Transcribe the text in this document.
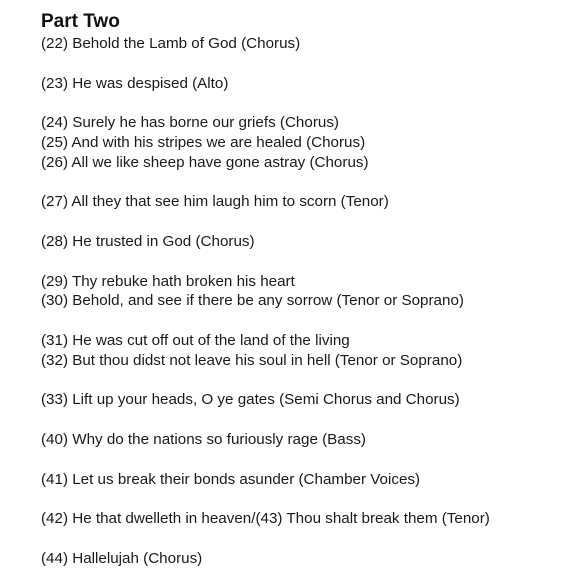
Part Two
(22) Behold the Lamb of God (Chorus)
(23) He was despised (Alto)
(24) Surely he has borne our griefs (Chorus)
(25) And with his stripes we are healed (Chorus)
(26) All we like sheep have gone astray (Chorus)
(27) All they that see him laugh him to scorn (Tenor)
(28) He trusted in God (Chorus)
(29) Thy rebuke hath broken his heart
(30) Behold, and see if there be any sorrow (Tenor or Soprano)
(31) He was cut off out of the land of the living
(32) But thou didst not leave his soul in hell (Tenor or Soprano)
(33) Lift up your heads, O ye gates (Semi Chorus and Chorus)
(40) Why do the nations so furiously rage (Bass)
(41) Let us break their bonds asunder (Chamber Voices)
(42) He that dwelleth in heaven/(43) Thou shalt break them (Tenor)
(44) Hallelujah (Chorus)
